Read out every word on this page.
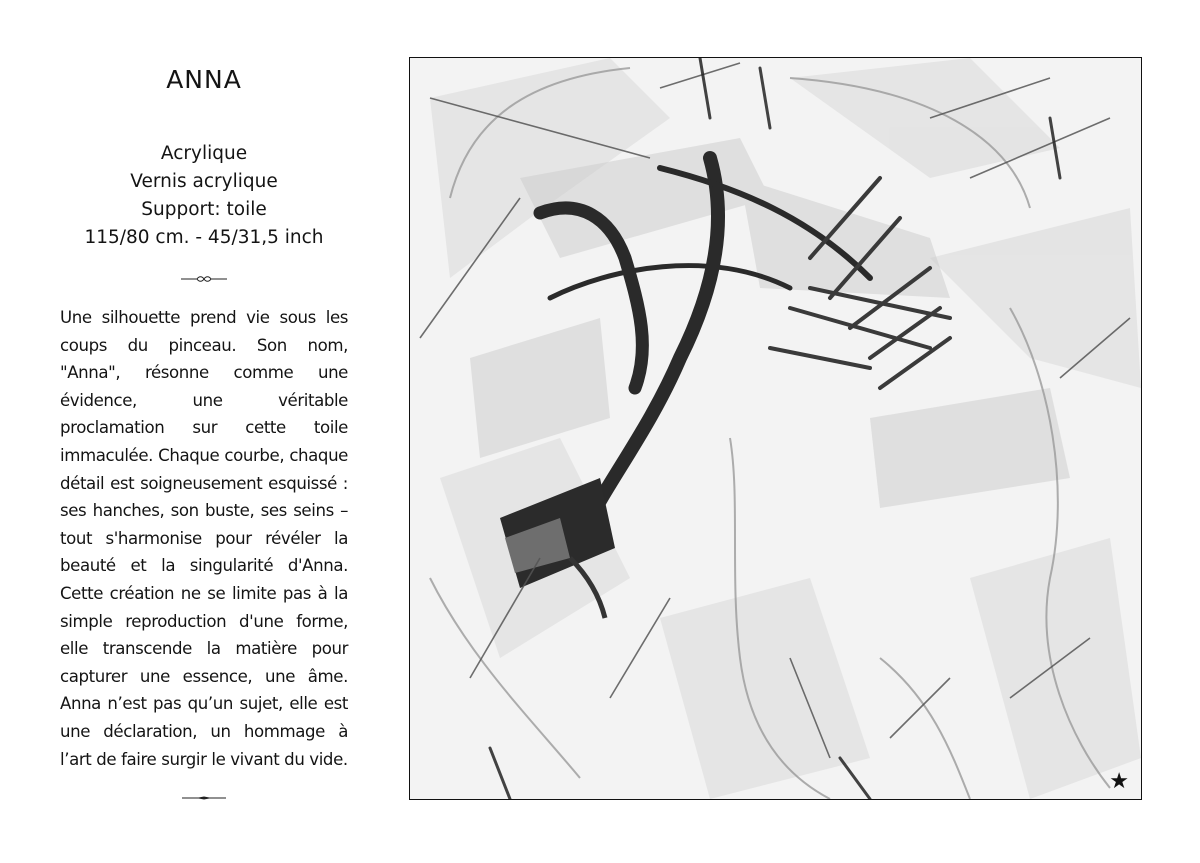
ANNA
Acrylique
Vernis acrylique
Support: toile
115/80 cm. - 45/31,5 inch

Une silhouette prend vie sous les coups du pinceau. Son nom, "Anna", résonne comme une évidence, une véritable proclamation sur cette toile immaculée. Chaque courbe, chaque détail est soigneusement esquissé : ses hanches, son buste, ses seins – tout s'harmonise pour révéler la beauté et la singularité d'Anna. Cette création ne se limite pas à la simple reproduction d'une forme, elle transcende la matière pour capturer une essence, une âme. Anna n’est pas qu’un sujet, elle est une déclaration, un hommage à l’art de faire surgir le vivant du vide.

★
